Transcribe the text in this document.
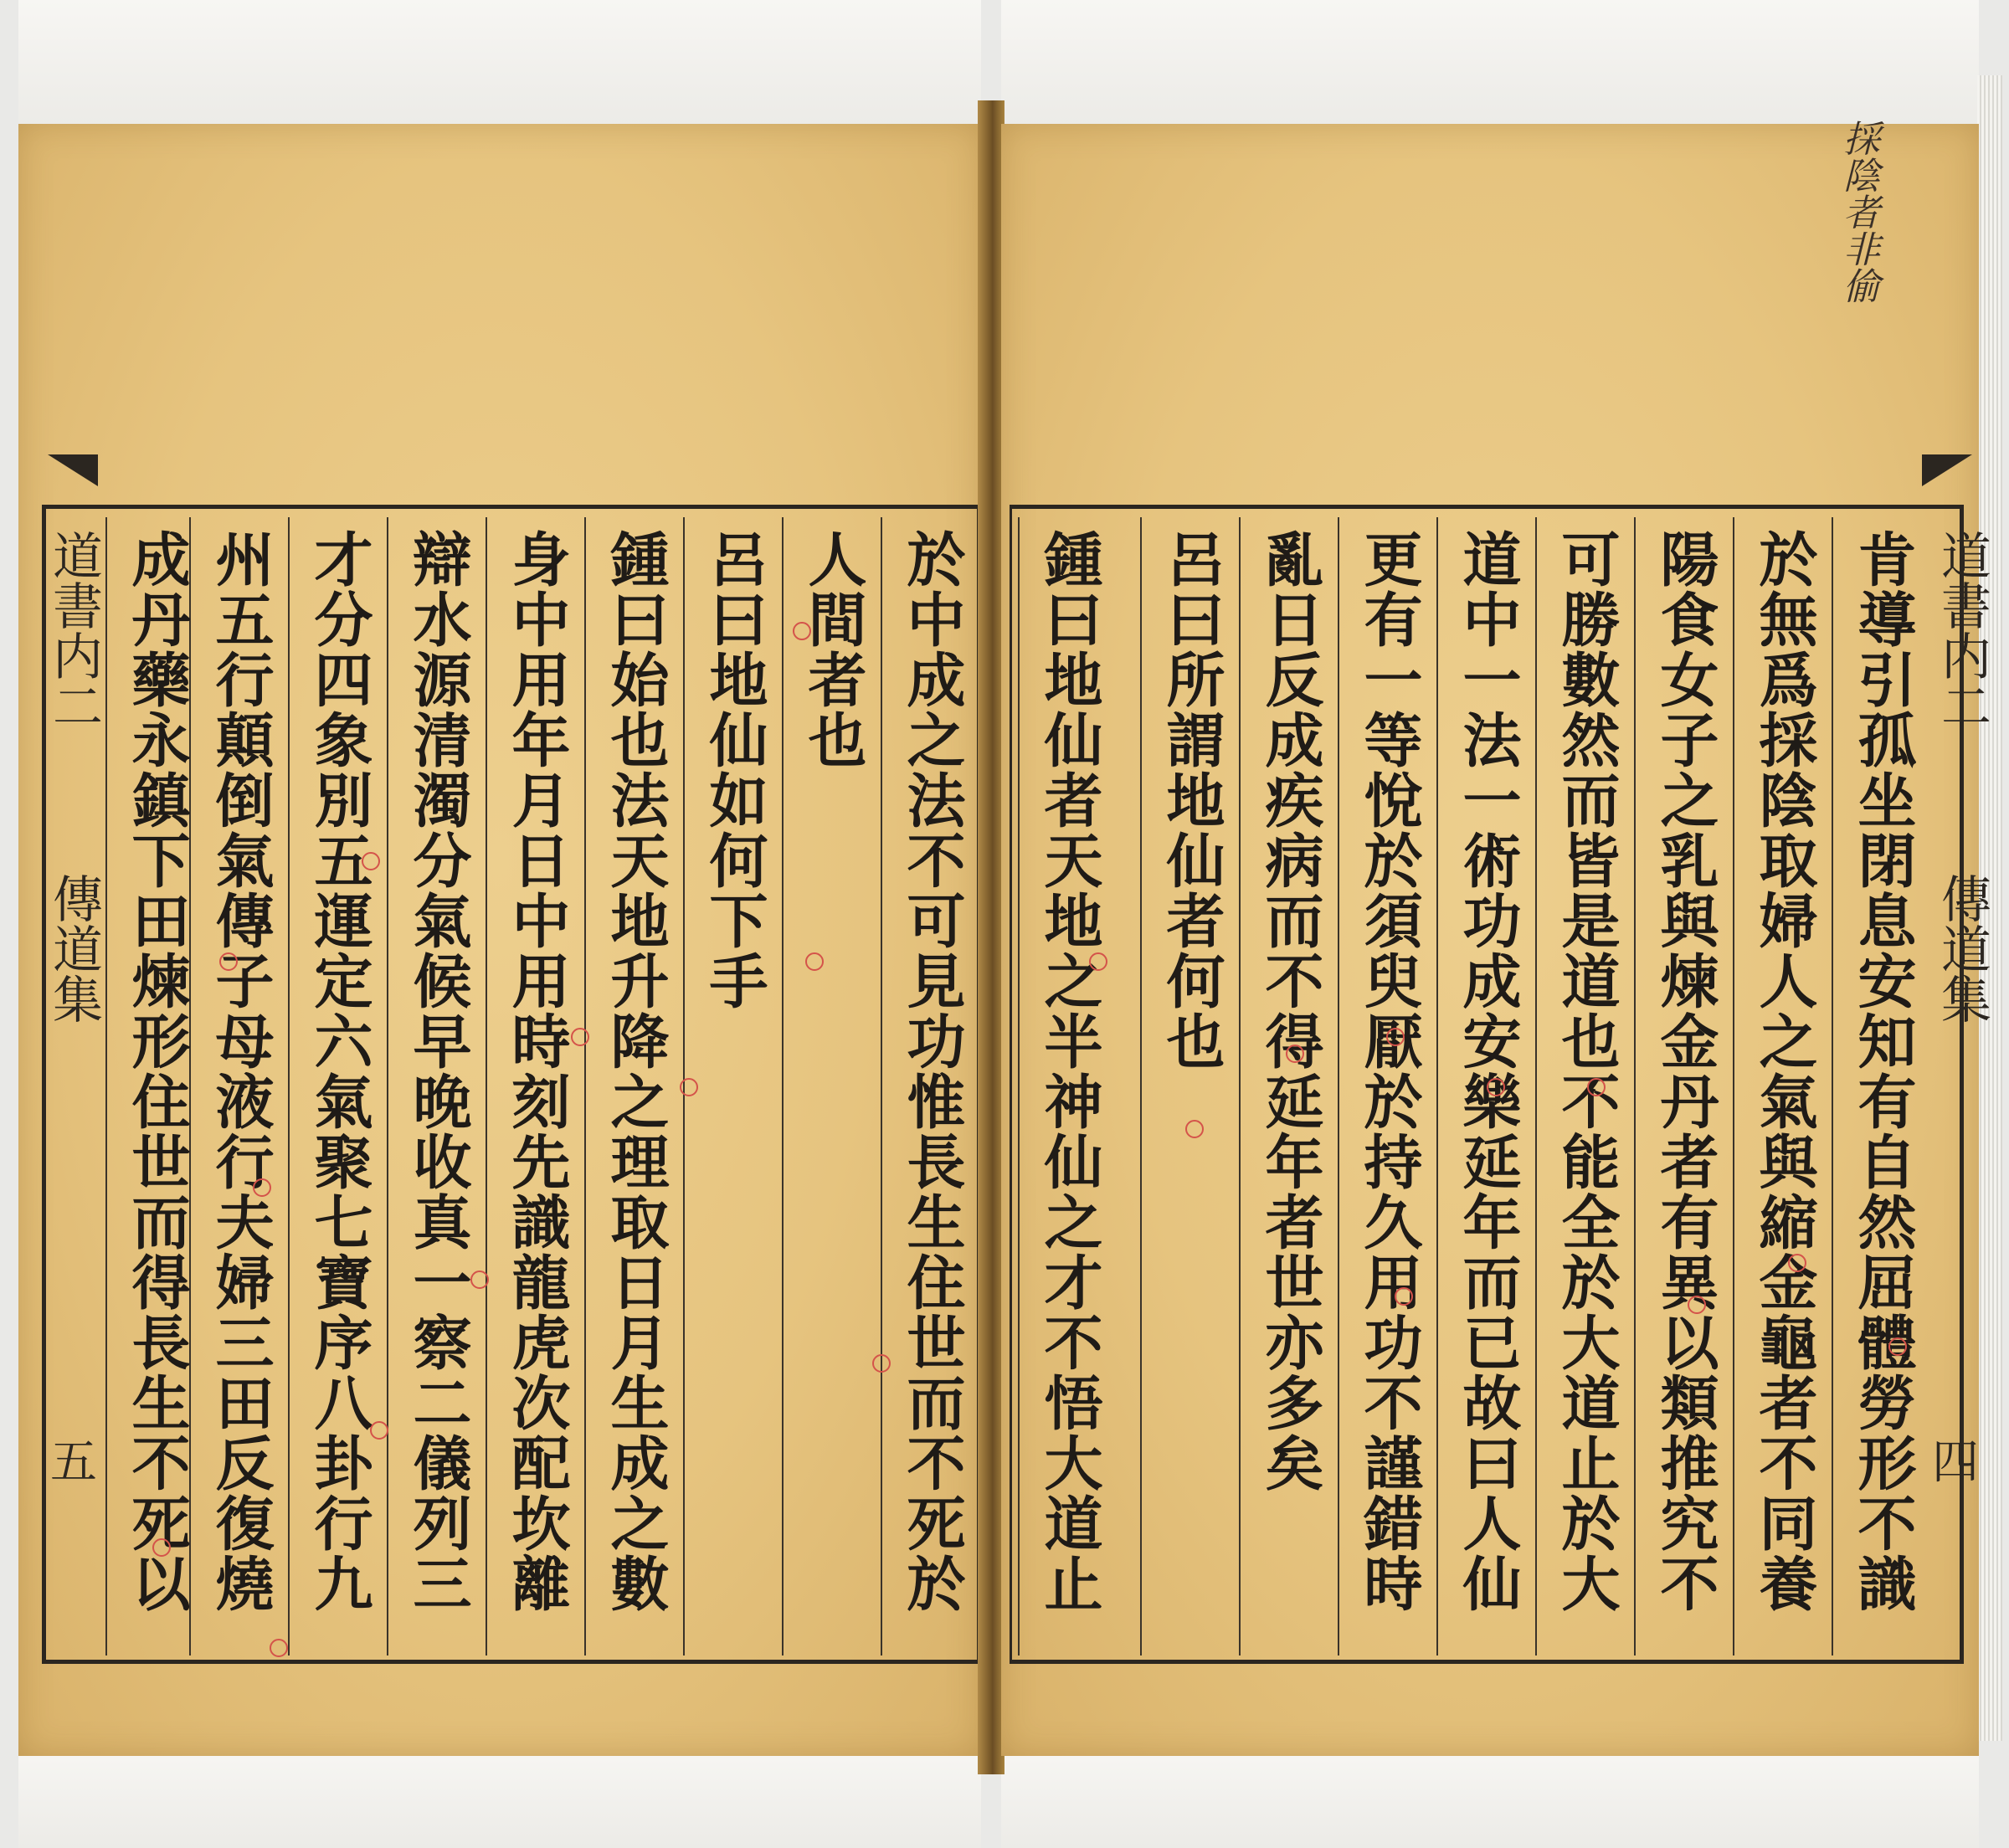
道書内二
傳道集
五	於中成之法不可見功惟長生住世而不死於
人間者也
呂曰地仙如何下手
鍾曰始也法天地升降之理取日月生成之數
身中用年月日中用時刻先識龍虎次配坎離
辯水源清濁分氣候早晚收真一察二儀列三
才分四象別五運定六氣聚七寶序八卦行九
州五行顛倒氣傳子母液行夫婦三田反復燒
成丹藥永鎮下田煉形住世而得長生不死以
採陰者非偷
肯導引孤坐閉息安知有自然屈體勞形不識
於無爲採陰取婦人之氣與縮金龜者不同養
陽食女子之乳與煉金丹者有異以類推究不
可勝數然而皆是道也不能全於大道止於大
道中一法一術功成安樂延年而已故曰人仙
更有一等悅於須臾厭於持久用功不謹錯時
亂日反成疾病而不得延年者世亦多矣
呂曰所謂地仙者何也
鍾曰地仙者天地之半神仙之才不悟大道止	道書内二
傳道集
四
